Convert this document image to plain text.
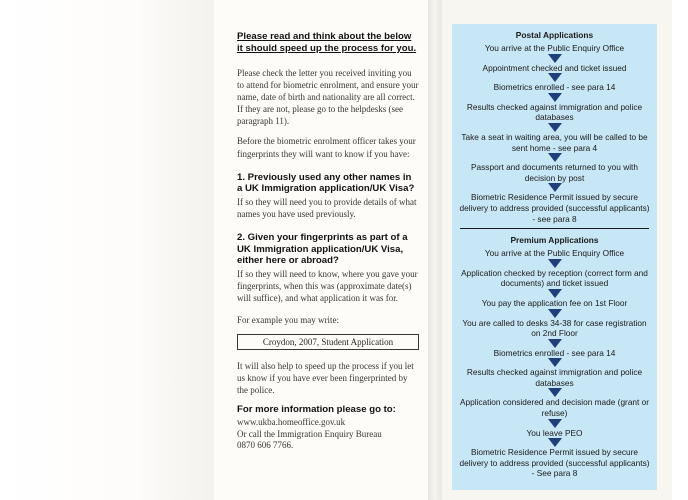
Please read and think about the below it should speed up the process for you.

Please check the letter you received inviting you to attend for biometric enrolment, and ensure your name, date of birth and nationality are all correct. If they are not, please go to the helpdesks (see paragraph 11).

Before the biometric enrolment officer takes your fingerprints they will want to know if you have:

1. Previously used any other names in a UK Immigration application/UK Visa?

If so they will need you to provide details of what names you have used previously.

2. Given your fingerprints as part of a UK Immigration application/UK Visa, either here or abroad?

If so they will need to know, where you gave your fingerprints, when this was (approximate date(s) will suffice), and what application it was for.

For example you may write:

Croydon, 2007, Student Application

It will also help to speed up the process if you let us know if you have ever been fingerprinted by the police.

For more information please go to:
www.ukba.homeoffice.gov.uk
Or call the Immigration Enquiry Bureau
0870 606 7766.
Postal Applications
You arrive at the Public Enquiry Office
Appointment checked and ticket issued
Biometrics enrolled - see para 14
Results checked against immigration and police databases
Take a seat in waiting area, you will be called to be sent home - see para 4
Passport and documents returned to you with decision by post
Biometric Residence Permit issued by secure delivery to address provided (successful applicants) - see para 8
Premium Applications
You arrive at the Public Enquiry Office
Application checked by reception (correct form and documents) and ticket issued
You pay the application fee on 1st Floor
You are called to desks 34-38 for case registration on 2nd Floor
Biometrics enrolled - see para 14
Results checked against immigration and police databases
Application considered and decision made (grant or refuse)
You leave PEO
Biometric Residence Permit issued by secure delivery to address provided (successful applicants) - See para 8
